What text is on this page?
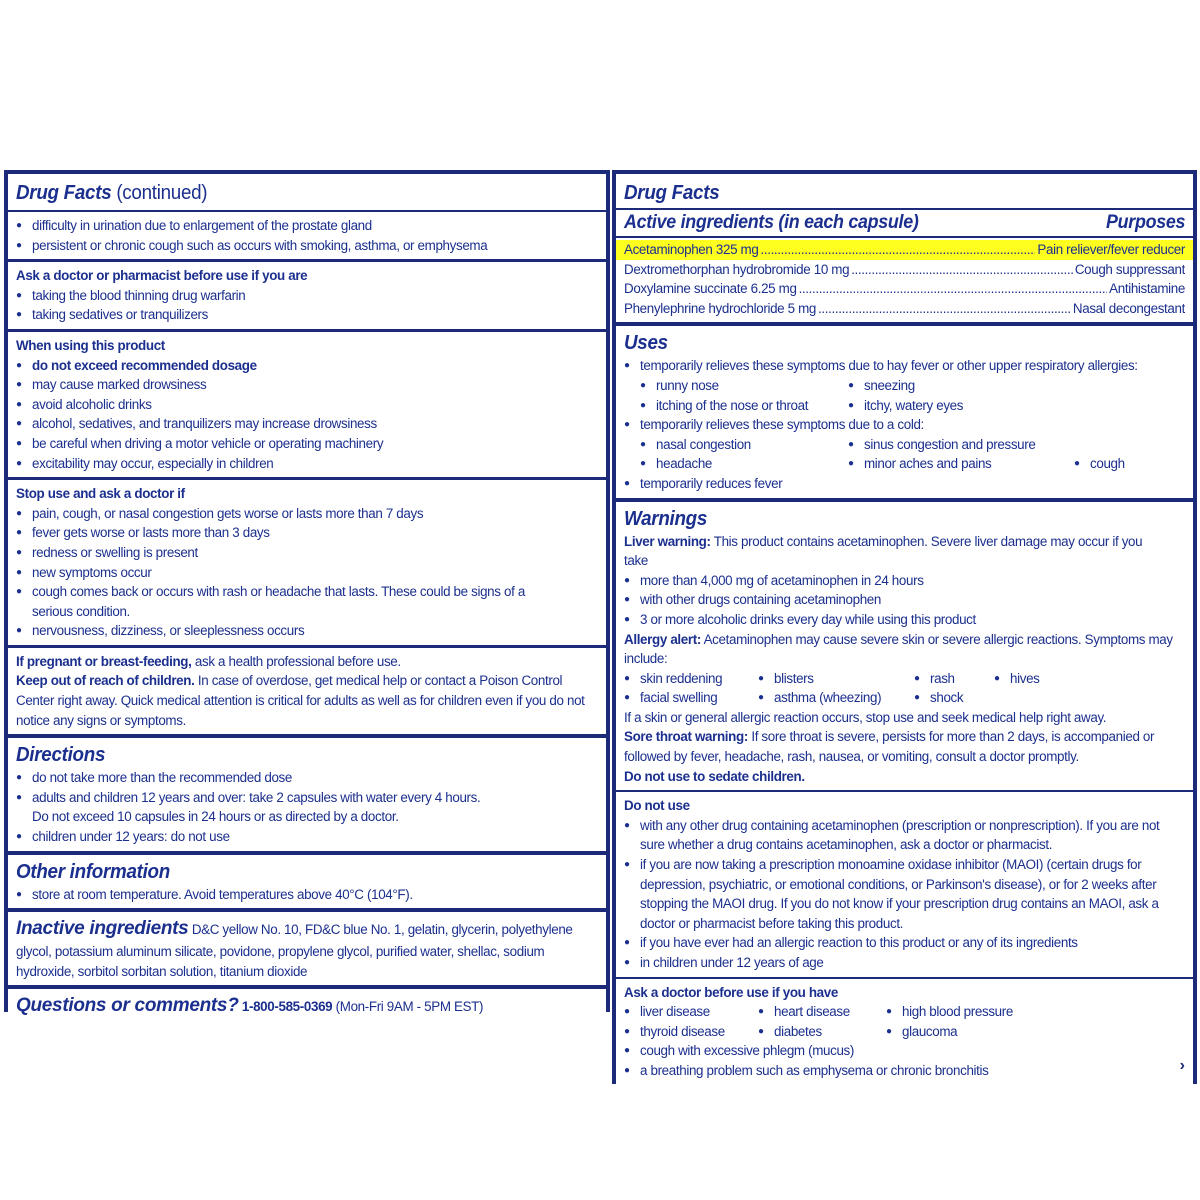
Drug Facts (continued)
● difficulty in urination due to enlargement of the prostate gland
● persistent or chronic cough such as occurs with smoking, asthma, or emphysema
Ask a doctor or pharmacist before use if you are
● taking the blood thinning drug warfarin
● taking sedatives or tranquilizers
When using this product
● do not exceed recommended dosage
● may cause marked drowsiness
● avoid alcoholic drinks
● alcohol, sedatives, and tranquilizers may increase drowsiness
● be careful when driving a motor vehicle or operating machinery
● excitability may occur, especially in children
Stop use and ask a doctor if
● pain, cough, or nasal congestion gets worse or lasts more than 7 days
● fever gets worse or lasts more than 3 days
● redness or swelling is present
● new symptoms occur
● cough comes back or occurs with rash or headache that lasts. These could be signs of a serious condition.
● nervousness, dizziness, or sleeplessness occurs
If pregnant or breast-feeding, ask a health professional before use.
Keep out of reach of children. In case of overdose, get medical help or contact a Poison Control Center right away. Quick medical attention is critical for adults as well as for children even if you do not notice any signs or symptoms.
Directions
● do not take more than the recommended dose
● adults and children 12 years and over: take 2 capsules with water every 4 hours.
Do not exceed 10 capsules in 24 hours or as directed by a doctor.
● children under 12 years: do not use
Other information
● store at room temperature. Avoid temperatures above 40°C (104°F).
Inactive ingredients D&C yellow No. 10, FD&C blue No. 1, gelatin, glycerin, polyethylene glycol, potassium aluminum silicate, povidone, propylene glycol, purified water, shellac, sodium hydroxide, sorbitol sorbitan solution, titanium dioxide
Questions or comments? 1-800-585-0369 (Mon-Fri 9AM - 5PM EST)
Drug Facts
Active ingredients (in each capsule)	Purposes
Acetaminophen 325 mg .....	Pain reliever/fever reducer
Dextromethorphan hydrobromide 10 mg .....	Cough suppressant
Doxylamine succinate 6.25 mg .....	Antihistamine
Phenylephrine hydrochloride 5 mg .....	Nasal decongestant
Uses
● temporarily relieves these symptoms due to hay fever or other upper respiratory allergies:
● runny nose	● sneezing
● itching of the nose or throat	● itchy, watery eyes
● temporarily relieves these symptoms due to a cold:
● nasal congestion	● sinus congestion and pressure
● headache	● minor aches and pains	● cough
● temporarily reduces fever
Warnings
Liver warning: This product contains acetaminophen. Severe liver damage may occur if you take
● more than 4,000 mg of acetaminophen in 24 hours
● with other drugs containing acetaminophen
● 3 or more alcoholic drinks every day while using this product
Allergy alert: Acetaminophen may cause severe skin or severe allergic reactions. Symptoms may include:
● skin reddening	● blisters	● rash	● hives
● facial swelling	● asthma (wheezing)	● shock
If a skin or general allergic reaction occurs, stop use and seek medical help right away.
Sore throat warning: If sore throat is severe, persists for more than 2 days, is accompanied or followed by fever, headache, rash, nausea, or vomiting, consult a doctor promptly.
Do not use to sedate children.
Do not use
● with any other drug containing acetaminophen (prescription or nonprescription). If you are not sure whether a drug contains acetaminophen, ask a doctor or pharmacist.
● if you are now taking a prescription monoamine oxidase inhibitor (MAOI) (certain drugs for depression, psychiatric, or emotional conditions, or Parkinson's disease), or for 2 weeks after stopping the MAOI drug. If you do not know if your prescription drug contains an MAOI, ask a doctor or pharmacist before taking this product.
● if you have ever had an allergic reaction to this product or any of its ingredients
● in children under 12 years of age
Ask a doctor before use if you have
● liver disease	● heart disease	● high blood pressure
● thyroid disease	● diabetes	● glaucoma
● cough with excessive phlegm (mucus)
● a breathing problem such as emphysema or chronic bronchitis	›
